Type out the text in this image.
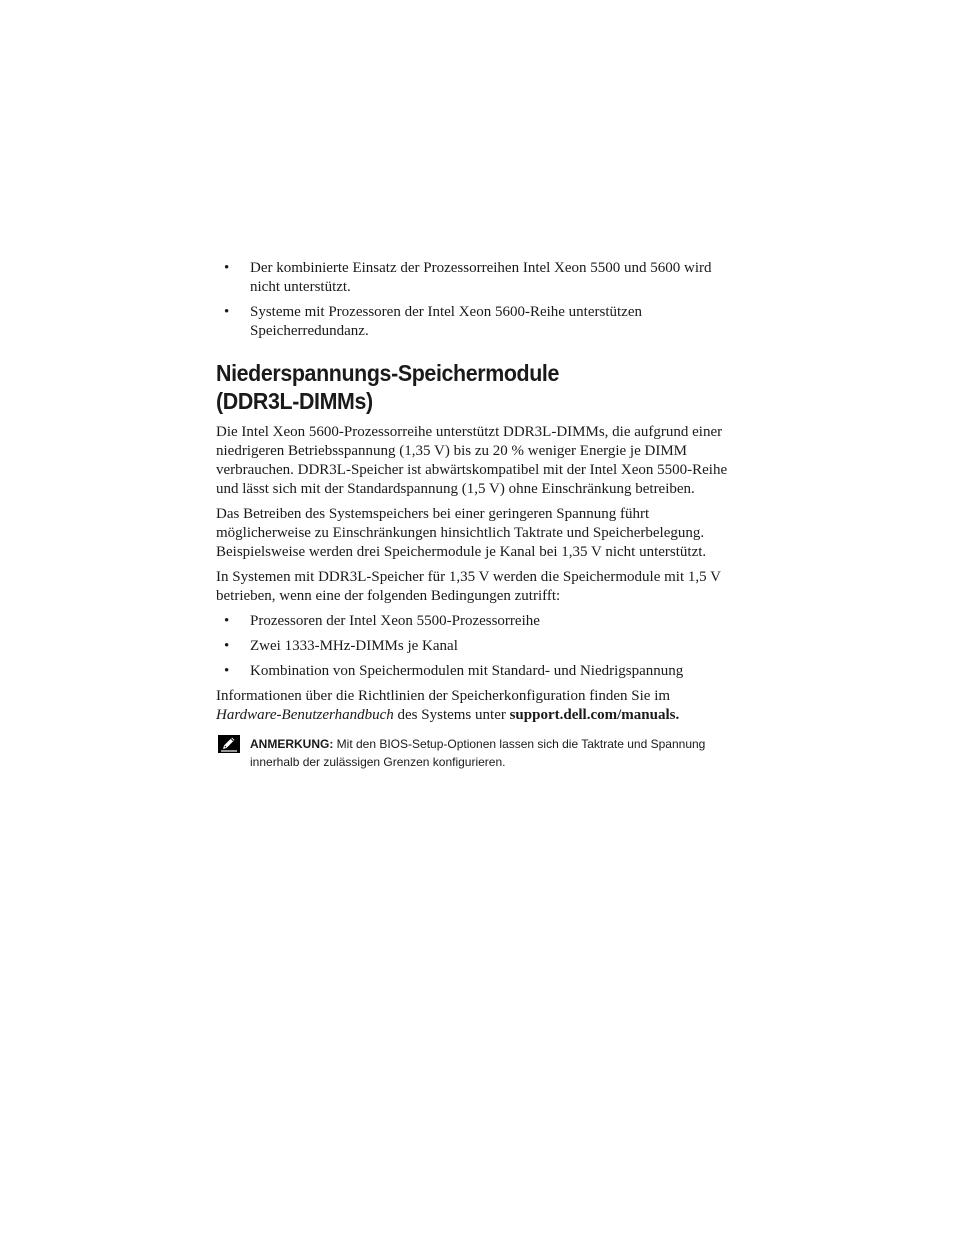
•	Der kombinierte Einsatz der Prozessorreihen Intel Xeon 5500 und 5600 wird nicht unterstützt.
•	Systeme mit Prozessoren der Intel Xeon 5600-Reihe unterstützen Speicherredundanz.
Niederspannungs-Speichermodule
(DDR3L-DIMMs)

Die Intel Xeon 5600-Prozessorreihe unterstützt DDR3L-DIMMs, die aufgrund einer niedrigeren Betriebsspannung (1,35 V) bis zu 20 % weniger Energie je DIMM verbrauchen. DDR3L-Speicher ist abwärtskompatibel mit der Intel Xeon 5500-Reihe und lässt sich mit der Standardspannung (1,5 V) ohne Einschränkung betreiben.

Das Betreiben des Systemspeichers bei einer geringeren Spannung führt möglicherweise zu Einschränkungen hinsichtlich Taktrate und Speicherbelegung. Beispielsweise werden drei Speichermodule je Kanal bei 1,35 V nicht unterstützt.

In Systemen mit DDR3L-Speicher für 1,35 V werden die Speichermodule mit 1,5 V betrieben, wenn eine der folgenden Bedingungen zutrifft:

•	Prozessoren der Intel Xeon 5500-Prozessorreihe
•	Zwei 1333-MHz-DIMMs je Kanal
•	Kombination von Speichermodulen mit Standard- und Niedrigspannung

Informationen über die Richtlinien der Speicherkonfiguration finden Sie im Hardware-Benutzerhandbuch des Systems unter support.dell.com/manuals.

ANMERKUNG: Mit den BIOS-Setup-Optionen lassen sich die Taktrate und Spannung innerhalb der zulässigen Grenzen konfigurieren.
